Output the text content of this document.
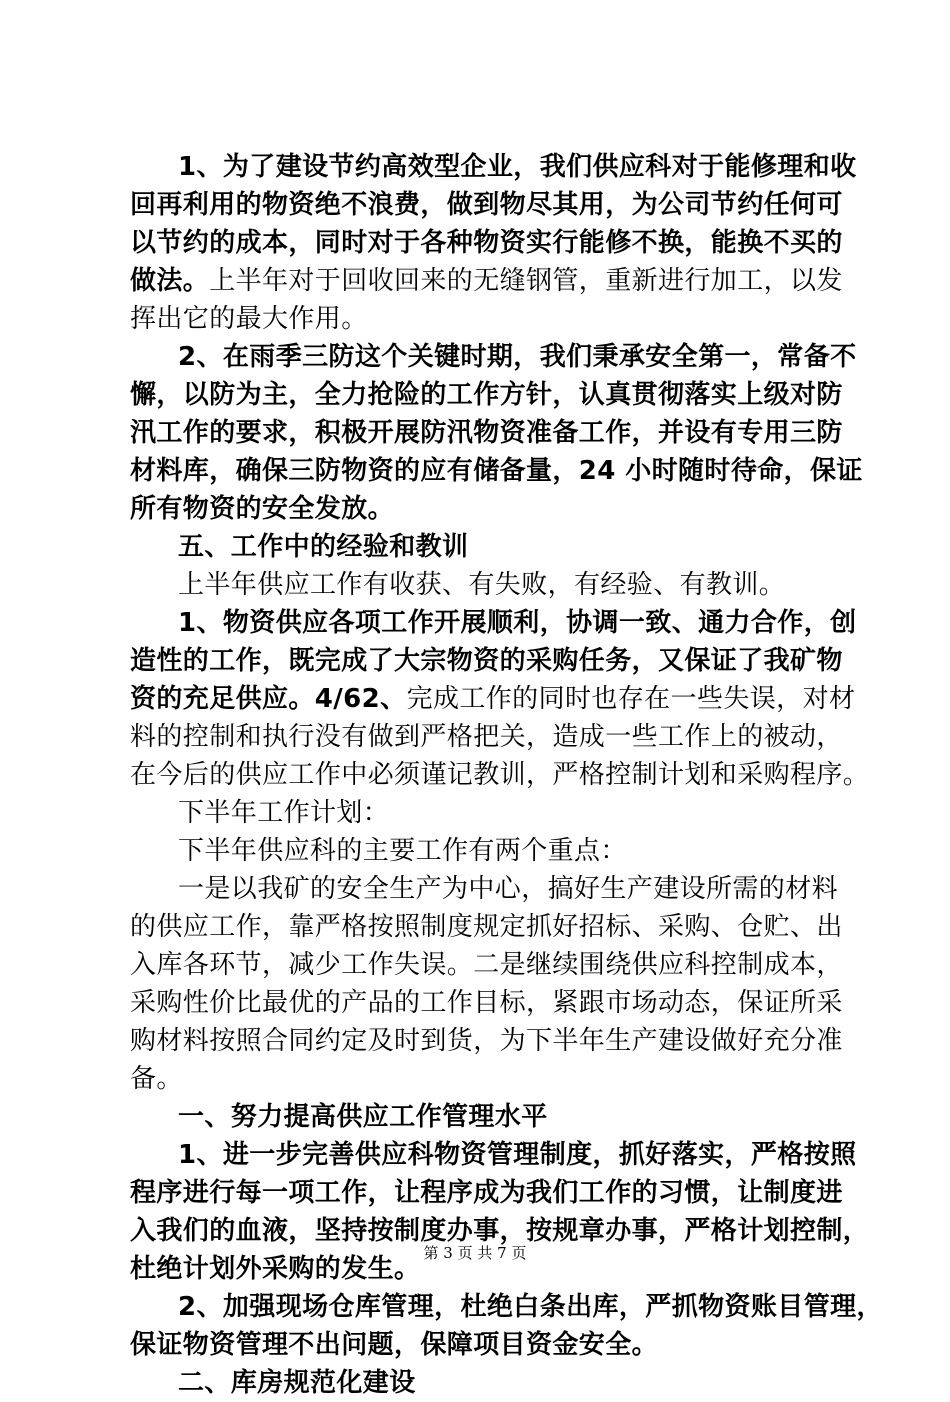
1、为了建设节约高效型企业，我们供应科对于能修理和收
回再利用的物资绝不浪费，做到物尽其用，为公司节约任何可
以节约的成本，同时对于各种物资实行能修不换，能换不买的
做法。上半年对于回收回来的无缝钢管，重新进行加工，以发
挥出它的最大作用。
2、在雨季三防这个关键时期，我们秉承安全第一，常备不
懈，以防为主，全力抢险的工作方针，认真贯彻落实上级对防
汛工作的要求，积极开展防汛物资准备工作，并设有专用三防
材料库，确保三防物资的应有储备量，24 小时随时待命，保证
所有物资的安全发放。
五、工作中的经验和教训
上半年供应工作有收获、有失败，有经验、有教训。
1、物资供应各项工作开展顺利，协调一致、通力合作，创
造性的工作，既完成了大宗物资的采购任务，又保证了我矿物
资的充足供应。4/62、完成工作的同时也存在一些失误，对材
料的控制和执行没有做到严格把关，造成一些工作上的被动，
在今后的供应工作中必须谨记教训，严格控制计划和采购程序。
下半年工作计划：
下半年供应科的主要工作有两个重点：
一是以我矿的安全生产为中心，搞好生产建设所需的材料
的供应工作，靠严格按照制度规定抓好招标、采购、仓贮、出
入库各环节，减少工作失误。二是继续围绕供应科控制成本，
采购性价比最优的产品的工作目标，紧跟市场动态，保证所采
购材料按照合同约定及时到货，为下半年生产建设做好充分准
备。
一、努力提高供应工作管理水平
1、进一步完善供应科物资管理制度，抓好落实，严格按照
程序进行每一项工作，让程序成为我们工作的习惯，让制度进
入我们的血液，坚持按制度办事，按规章办事，严格计划控制，
杜绝计划外采购的发生。
2、加强现场仓库管理，杜绝白条出库，严抓物资账目管理，
保证物资管理不出问题，保障项目资金安全。
二、库房规范化建设
第 3 页 共 7 页
